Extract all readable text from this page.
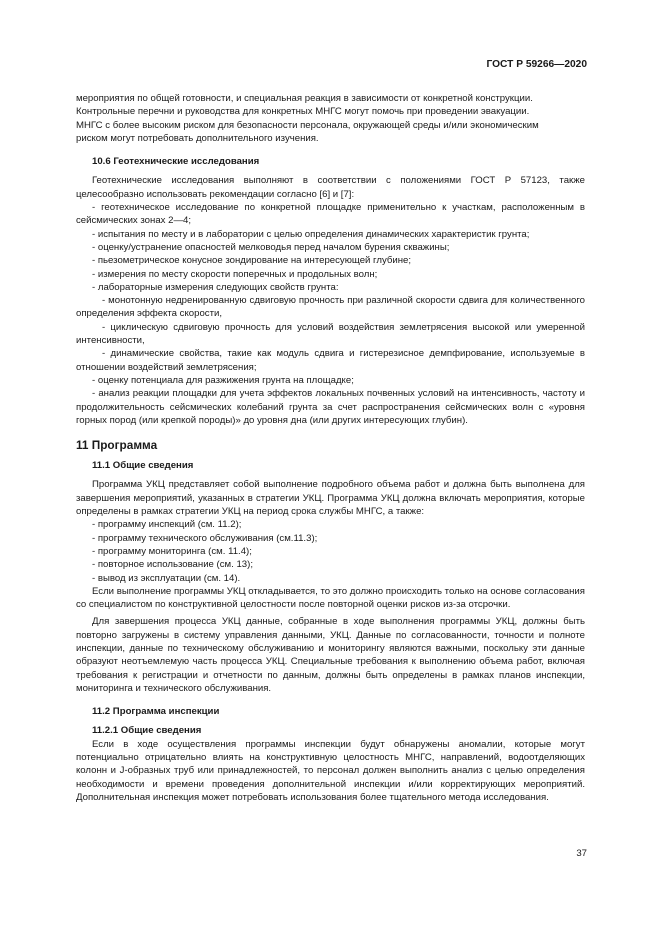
ГОСТ Р 59266—2020

мероприятия по общей готовности, и специальная реакция в зависимости от конкретной конструкции.

Контрольные перечни и руководства для конкретных МНГС могут помочь при проведении эвакуации.

МНГС с более высоким риском для безопасности персонала, окружающей среды и/или экономическим

риском могут потребовать дополнительного изучения.

10.6 Геотехнические исследования

Геотехнические исследования выполняют в соответствии с положениями ГОСТ Р 57123, также целесообразно использовать рекомендации согласно [6] и [7]:

- геотехническое исследование по конкретной площадке применительно к участкам, расположенным в сейсмических зонах 2—4;

- испытания по месту и в лаборатории с целью определения динамических характеристик грунта;

- оценку/устранение опасностей мелководья перед началом бурения скважины;

- пьезометрическое конусное зондирование на интересующей глубине;

- измерения по месту скорости поперечных и продольных волн;

- лабораторные измерения следующих свойств грунта:

- монотонную недренированную сдвиговую прочность при различной скорости сдвига для количественного определения эффекта скорости,

- циклическую сдвиговую прочность для условий воздействия землетрясения высокой или умеренной интенсивности,

- динамические свойства, такие как модуль сдвига и гистерезисное демпфирование, используемые в отношении воздействий землетрясения;

- оценку потенциала для разжижения грунта на площадке;

- анализ реакции площадки для учета эффектов локальных почвенных условий на интенсивность, частоту и продолжительность сейсмических колебаний грунта за счет распространения сейсмических волн с «уровня горных пород (или крепкой породы)» до уровня дна (или других интересующих глубин).

11 Программа

11.1 Общие сведения

Программа УКЦ представляет собой выполнение подробного объема работ и должна быть выполнена для завершения мероприятий, указанных в стратегии УКЦ. Программа УКЦ должна включать мероприятия, которые определены в рамках стратегии УКЦ на период срока службы МНГС, а также:

- программу инспекций (см. 11.2);

- программу технического обслуживания (см.11.3);

- программу мониторинга (см. 11.4);

- повторное использование (см. 13);

- вывод из эксплуатации (см. 14).

Если выполнение программы УКЦ откладывается, то это должно происходить только на основе согласования со специалистом по конструктивной целостности после повторной оценки рисков из-за отсрочки.

Для завершения процесса УКЦ данные, собранные в ходе выполнения программы УКЦ, должны быть повторно загружены в систему управления данными, УКЦ. Данные по согласованности, точности и полноте инспекции, данные по техническому обслуживанию и мониторингу являются важными, поскольку эти данные образуют неотъемлемую часть процесса УКЦ. Специальные требования к выполнению объема работ, включая требования к регистрации и отчетности по данным, должны быть определены в рамках планов инспекции, мониторинга и технического обслуживания.

11.2 Программа инспекции

11.2.1 Общие сведения

Если в ходе осуществления программы инспекции будут обнаружены аномалии, которые могут потенциально отрицательно влиять на конструктивную целостность МНГС, направлений, водоотделяющих колонн и J-образных труб или принадлежностей, то персонал должен выполнить анализ с целью определения необходимости и времени проведения дополнительной инспекции и/или корректирующих мероприятий. Дополнительная инспекция может потребовать использования более тщательного метода исследования.

37
